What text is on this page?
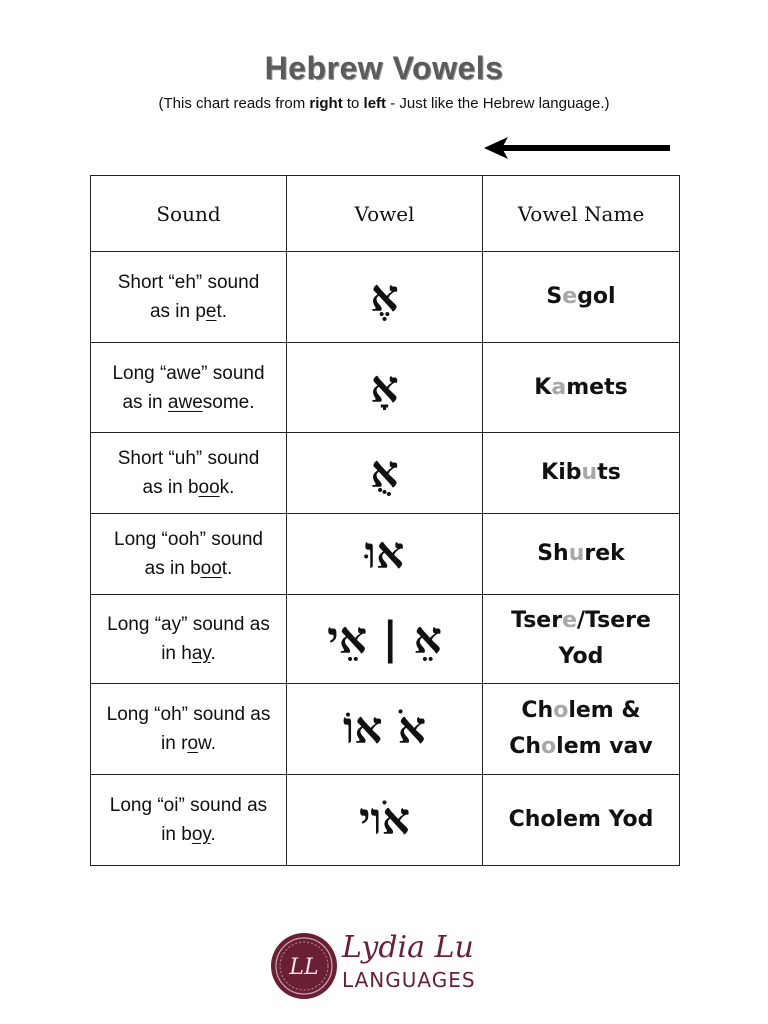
Hebrew Vowels
(This chart reads from right to left - Just like the Hebrew language.)
Sound	Vowel	Vowel Name

Short “eh” sound
as in pet.	אֶ	Segol

Long “awe” sound
as in awesome.	אָ	Kamets

Short “uh” sound
as in book.	אֻ	Kibuts

Long “ooh” sound
as in boot.	אוּ	Shurek

Long “ay” sound as
in hay.	אֵ | אֵי	Tsere/Tsere Yod

Long “oh” sound as
in row.	אֹ אוֹ	Cholem & Cholem vav

Long “oi” sound as
in boy.	אֹוי	Cholem Yod
LL
Lydia Lu
LANGUAGES
